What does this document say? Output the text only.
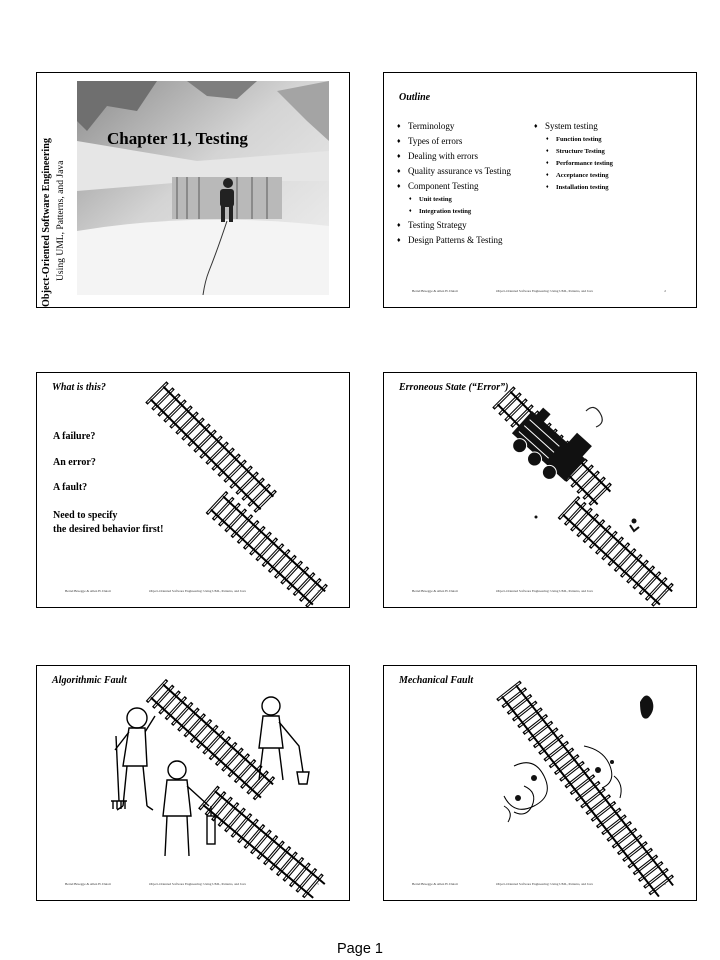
Object-Oriented Software Engineering Using UML, Patterns, and Java
Chapter 11, Testing
Outline
♦ Terminology
♦ Types of errors
♦ Dealing with errors
♦ Quality assurance vs Testing
♦ Component Testing
♦ Unit testing
♦ Integration testing
♦ Testing Strategy
♦ Design Patterns & Testing
♦ System testing
♦ Function testing
♦ Structure Testing
♦ Performance testing
♦ Acceptance testing
♦ Installation testing
Bernd Bruegge & Allen H. Dutoit	Object-Oriented Software Engineering: Using UML, Patterns, and Java	2
What is this?
A failure?
An error?
A fault?
Need to specify
the desired behavior first!
Bernd Bruegge & Allen H. Dutoit	Object-Oriented Software Engineering: Using UML, Patterns, and Java	3
Erroneous State (“Error”)
Bernd Bruegge & Allen H. Dutoit	Object-Oriented Software Engineering: Using UML, Patterns, and Java	4
Algorithmic Fault
Bernd Bruegge & Allen H. Dutoit	Object-Oriented Software Engineering: Using UML, Patterns, and Java	5
Mechanical Fault
Bernd Bruegge & Allen H. Dutoit	Object-Oriented Software Engineering: Using UML, Patterns, and Java	6
Page 1
